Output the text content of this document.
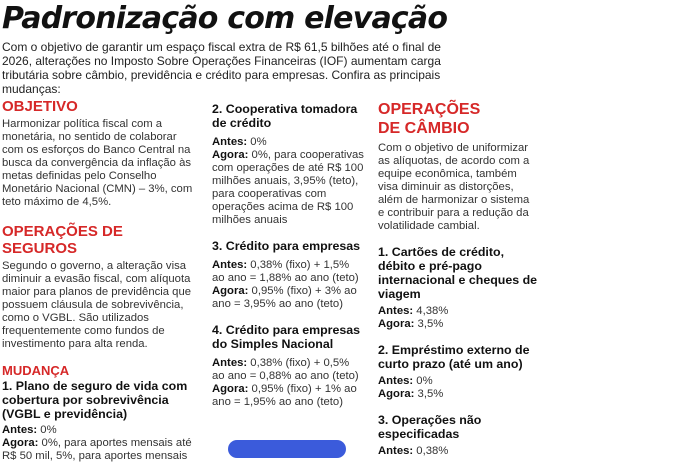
Padronização com elevação
Com o objetivo de garantir um espaço fiscal extra de R$ 61,5 bilhões até o final de 2026, alterações no Imposto Sobre Operações Financeiras (IOF) aumentam carga tributária sobre câmbio, previdência e crédito para empresas. Confira as principais mudanças:

OBJETIVO

Harmonizar política fiscal com a monetária, no sentido de colaborar com os esforços do Banco Central na busca da convergência da inflação às metas definidas pelo Conselho Monetário Nacional (CMN) – 3%, com teto máximo de 4,5%.

OPERAÇÕES DE SEGUROS

Segundo o governo, a alteração visa diminuir a evasão fiscal, com alíquota maior para planos de previdência que possuem cláusula de sobrevivência, como o VGBL. São utilizados frequentemente como fundos de investimento para alta renda.

MUDANÇA

1. Plano de seguro de vida com cobertura por sobrevivência (VGBL e previdência)

Antes: 0%

Agora: 0%, para aportes mensais até R$ 50 mil, 5%, para aportes mensais

2. Cooperativa tomadora de crédito

Antes: 0%

Agora: 0%, para cooperativas com operações de até R$ 100 milhões anuais, 3,95% (teto), para cooperativas com operações acima de R$ 100 milhões anuais

3. Crédito para empresas

Antes: 0,38% (fixo) + 1,5% ao ano = 1,88% ao ano (teto)

Agora: 0,95% (fixo) + 3% ao ano = 3,95% ao ano (teto)

4. Crédito para empresas do Simples Nacional

Antes: 0,38% (fixo) + 0,5% ao ano = 0,88% ao ano (teto)

Agora: 0,95% (fixo) + 1% ao ano = 1,95% ao ano (teto)

OPERAÇÕES DE CÂMBIO

Com o objetivo de uniformizar as alíquotas, de acordo com a equipe econômica, também visa diminuir as distorções, além de harmonizar o sistema e contribuir para a redução da volatilidade cambial.

1. Cartões de crédito, débito e pré-pago internacional e cheques de viagem

Antes: 4,38%

Agora: 3,5%

2. Empréstimo externo de curto prazo (até um ano)

Antes: 0%

Agora: 3,5%

3. Operações não especificadas

Antes: 0,38%
